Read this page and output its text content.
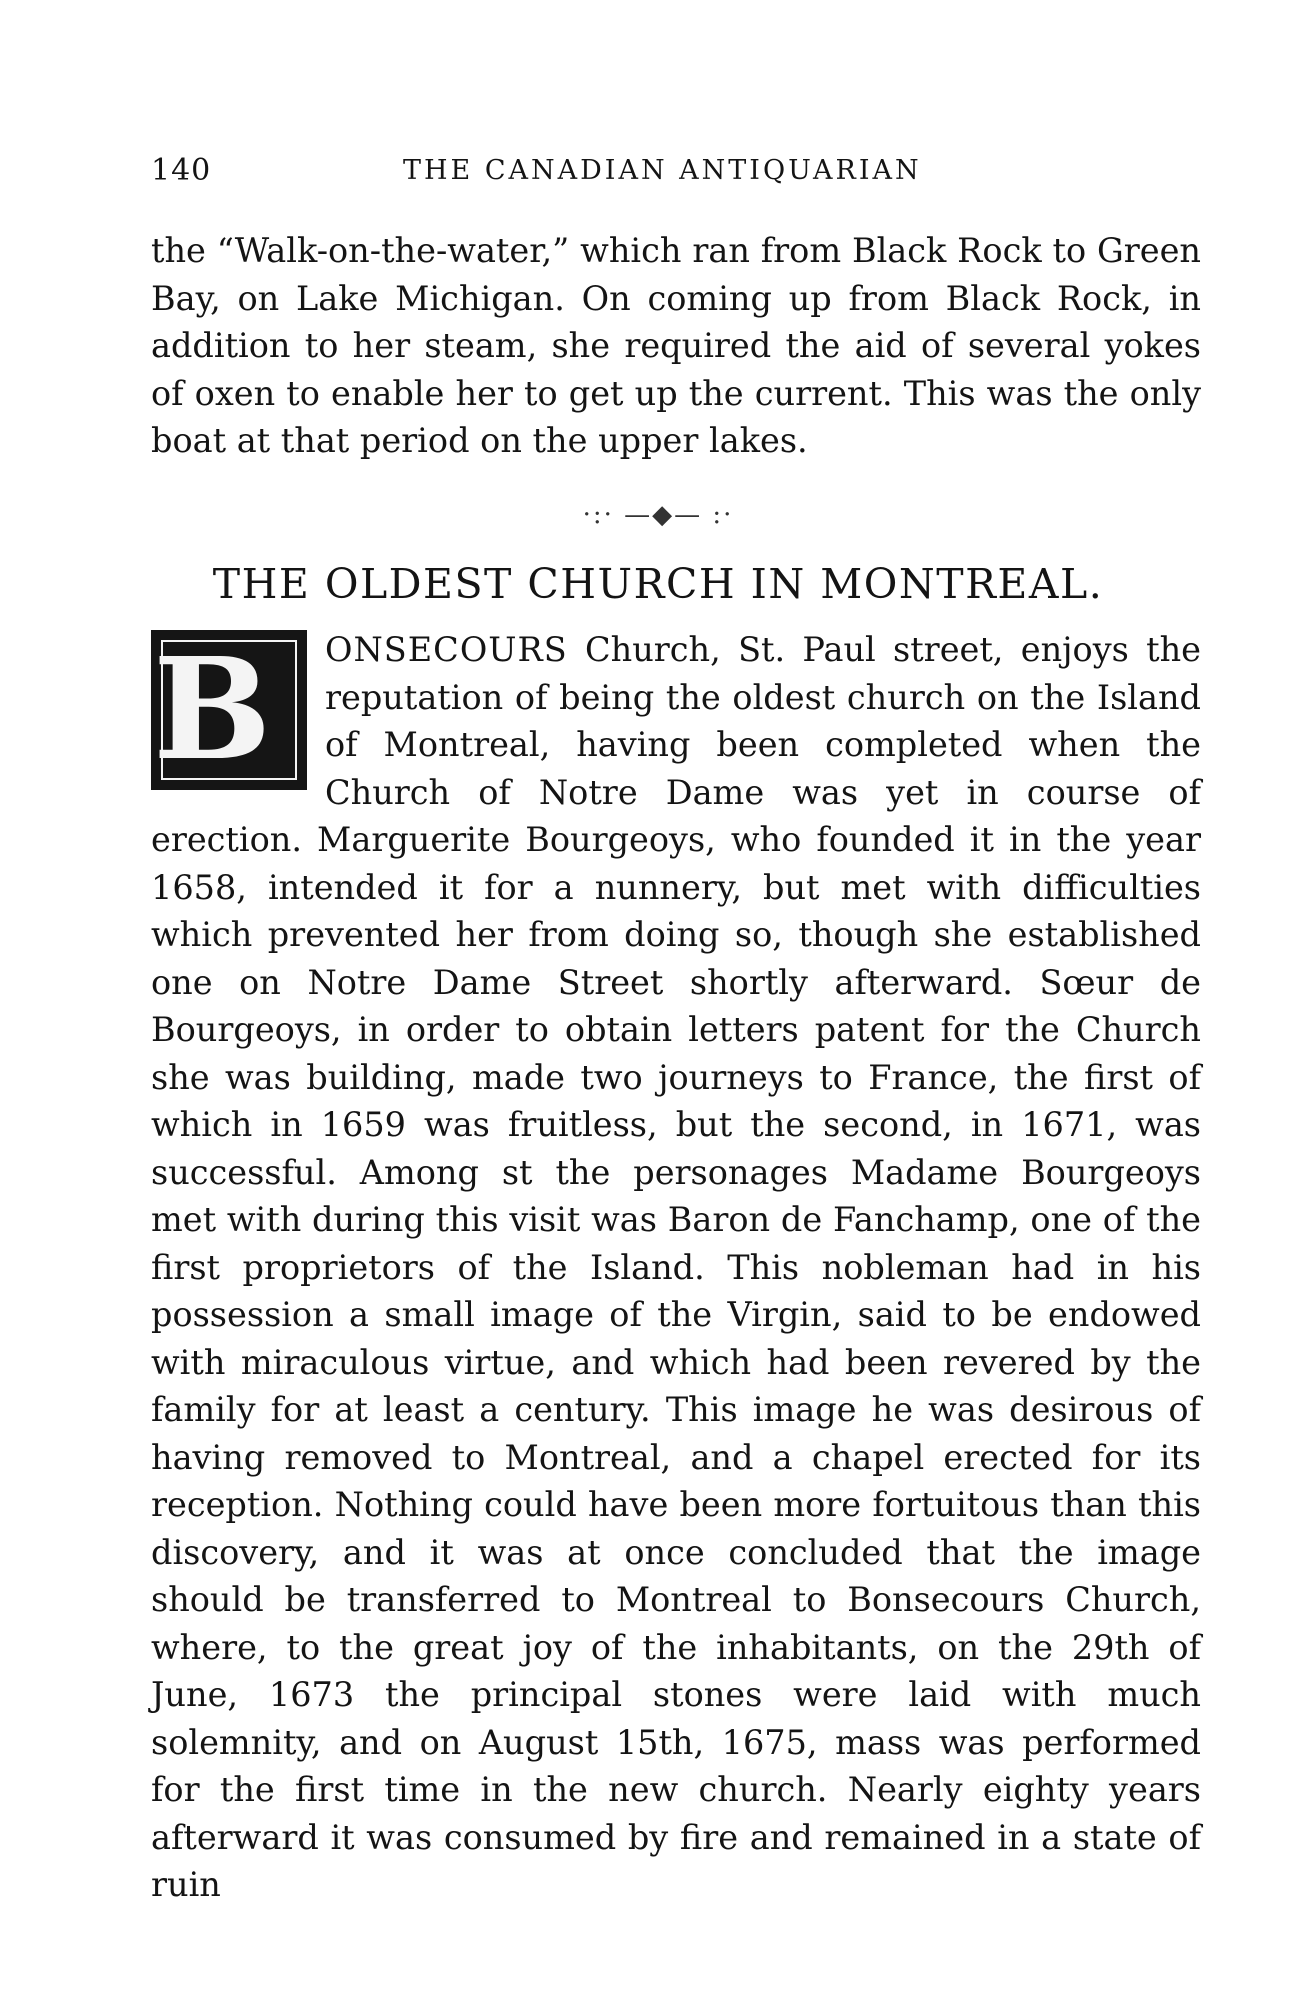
140	THE CANADIAN ANTIQUARIAN

the “Walk-on-the-water,” which ran from Black Rock to Green Bay, on Lake Michigan. On coming up from Black Rock, in addition to her steam, she required the aid of several yokes of oxen to enable her to get up the current. This was the only boat at that period on the upper lakes.

·:· —◆— :·
THE OLDEST CHURCH IN MONTREAL.

B	ONSECOURS Church, St. Paul street, enjoys the reputation of being the oldest church on the Island of Montreal, having been completed when the Church of Notre Dame was yet in course of erection. Marguerite Bourgeoys, who founded it in the year 1658, intended it for a nunnery, but met with difficulties which prevented her from doing so, though she established one on Notre Dame Street shortly afterward. Sœur de Bourgeoys, in order to obtain letters patent for the Church she was building, made two journeys to France, the first of which in 1659 was fruitless, but the second, in 1671, was successful. Among st the personages Madame Bourgeoys met with during this visit was Baron de Fanchamp, one of the first proprietors of the Island. This nobleman had in his possession a small image of the Virgin, said to be endowed with miraculous virtue, and which had been revered by the family for at least a century. This image he was desirous of having removed to Montreal, and a chapel erected for its reception. Nothing could have been more fortuitous than this discovery, and it was at once concluded that the image should be transferred to Montreal to Bonsecours Church, where, to the great joy of the inhabitants, on the 29th of June, 1673 the principal stones were laid with much solemnity, and on August 15th, 1675, mass was performed for the first time in the new church. Nearly eighty years afterward it was consumed by fire and remained in a state of ruin
